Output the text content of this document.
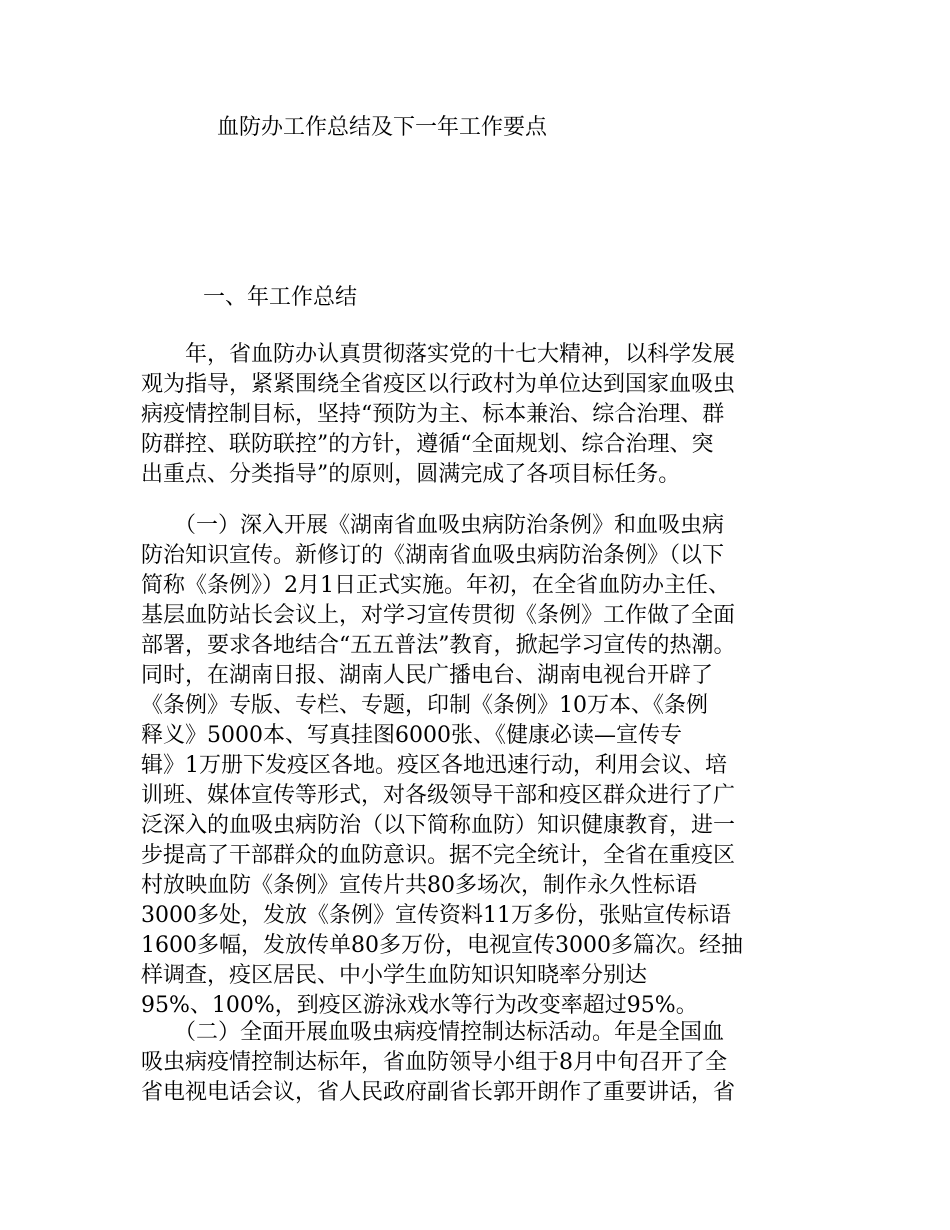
血防办工作总结及下一年工作要点
一、年工作总结
　　年，省血防办认真贯彻落实党的十七大精神，以科学发展
观为指导，紧紧围绕全省疫区以行政村为单位达到国家血吸虫
病疫情控制目标，坚持“预防为主、标本兼治、综合治理、群
防群控、联防联控”的方针，遵循“全面规划、综合治理、突
出重点、分类指导”的原则，圆满完成了各项目标任务。
　　（一）深入开展《湖南省血吸虫病防治条例》和血吸虫病
防治知识宣传。新修订的《湖南省血吸虫病防治条例》（以下
简称《条例》）2月1日正式实施。年初，在全省血防办主任、
基层血防站长会议上，对学习宣传贯彻《条例》工作做了全面
部署，要求各地结合“五五普法”教育，掀起学习宣传的热潮。
同时，在湖南日报、湖南人民广播电台、湖南电视台开辟了
《条例》专版、专栏、专题，印制《条例》10万本、《条例
释义》5000本、写真挂图6000张、《健康必读—宣传专
辑》1万册下发疫区各地。疫区各地迅速行动，利用会议、培
训班、媒体宣传等形式，对各级领导干部和疫区群众进行了广
泛深入的血吸虫病防治（以下简称血防）知识健康教育，进一
步提高了干部群众的血防意识。据不完全统计，全省在重疫区
村放映血防《条例》宣传片共80多场次，制作永久性标语
3000多处，发放《条例》宣传资料11万多份，张贴宣传标语
1600多幅，发放传单80多万份，电视宣传3000多篇次。经抽
样调查，疫区居民、中小学生血防知识知晓率分别达
95%、100%，到疫区游泳戏水等行为改变率超过95%。
　　（二）全面开展血吸虫病疫情控制达标活动。年是全国血
吸虫病疫情控制达标年，省血防领导小组于8月中旬召开了全
省电视电话会议，省人民政府副省长郭开朗作了重要讲话，省
